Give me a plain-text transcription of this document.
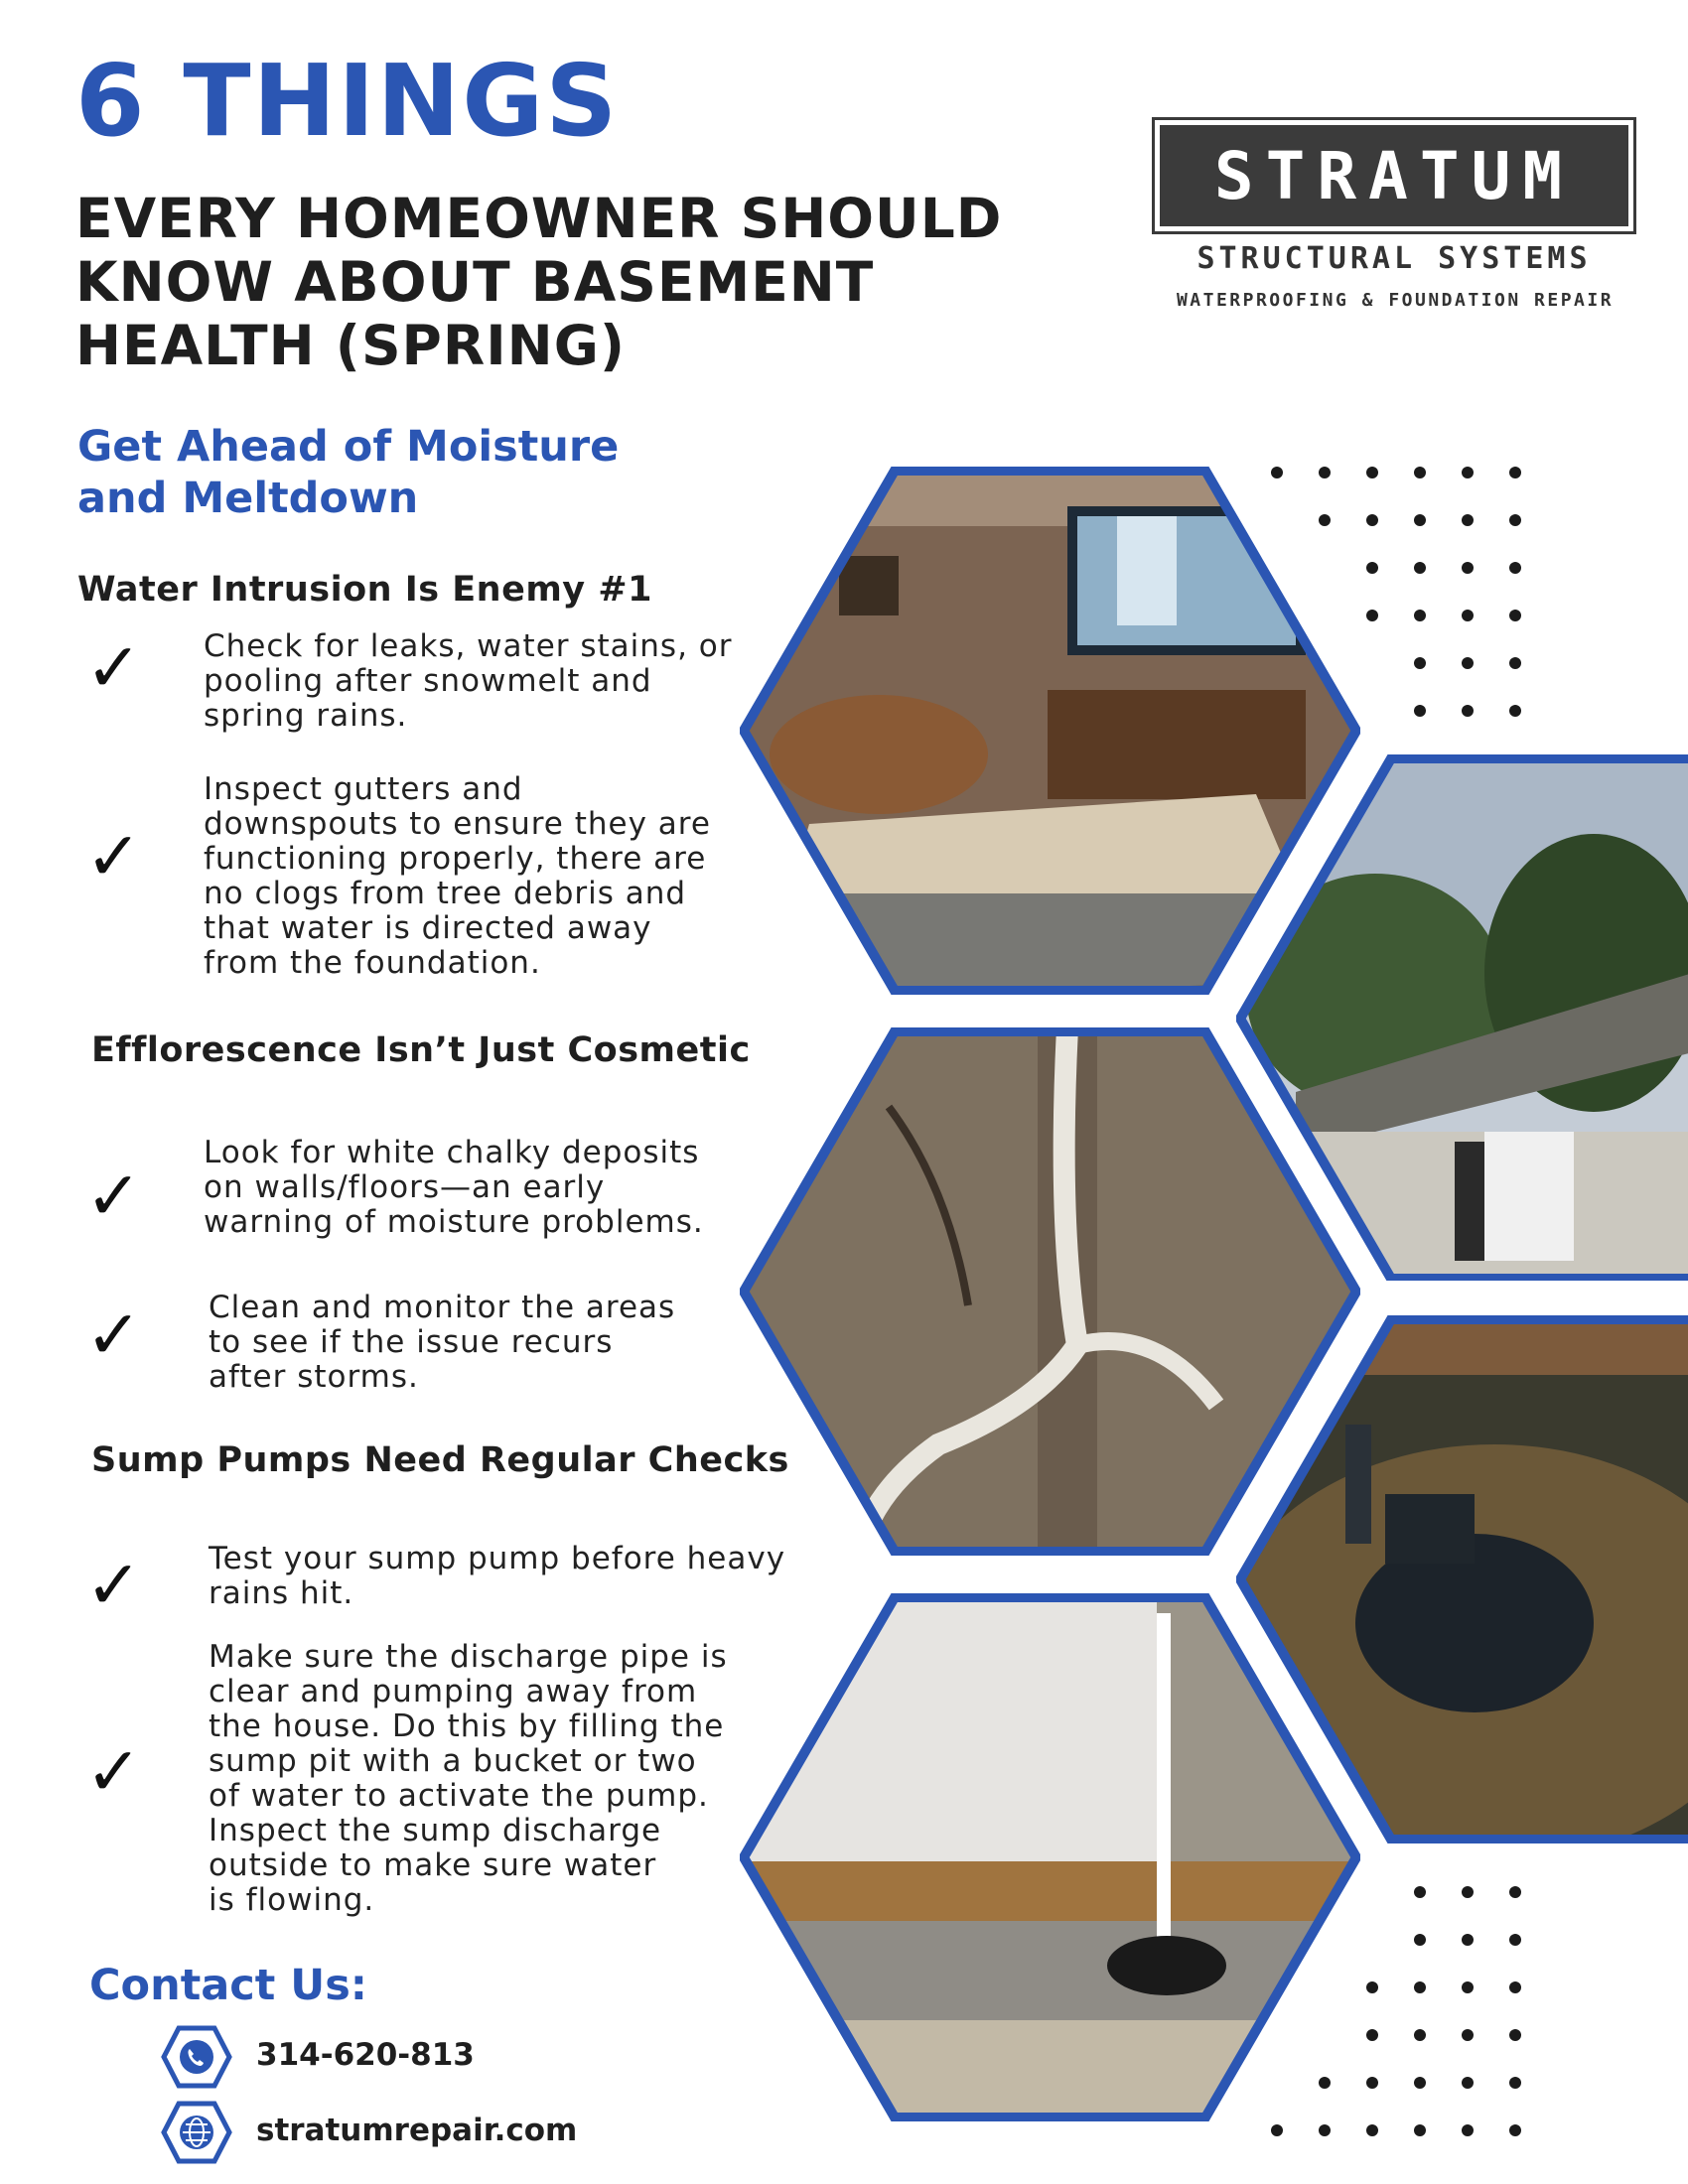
6 THINGS
EVERY HOMEOWNER SHOULD
KNOW ABOUT BASEMENT
HEALTH (SPRING)
STRATUM
STRUCTURAL SYSTEMS
WATERPROOFING & FOUNDATION REPAIR
Get Ahead of Moisture
and Meltdown
Water Intrusion Is Enemy #1
✓ Check for leaks, water stains, or
pooling after snowmelt and
spring rains.
✓
Inspect gutters and
downspouts to ensure they are
functioning properly, there are
no clogs from tree debris and
that water is directed away
from the foundation.
Efflorescence Isn’t Just Cosmetic
✓
Look for white chalky deposits
on walls/floors—an early
warning of moisture problems.
✓ Clean and monitor the areas
to see if the issue recurs
after storms.
Sump Pumps Need Regular Checks
✓ Test your sump pump before heavy
rains hit.
✓
Make sure the discharge pipe is
clear and pumping away from
the house. Do this by filling the
sump pit with a bucket or two
of water to activate the pump.
Inspect the sump discharge
outside to make sure water
is flowing.
Contact Us:
314-620-813
stratumrepair.com
